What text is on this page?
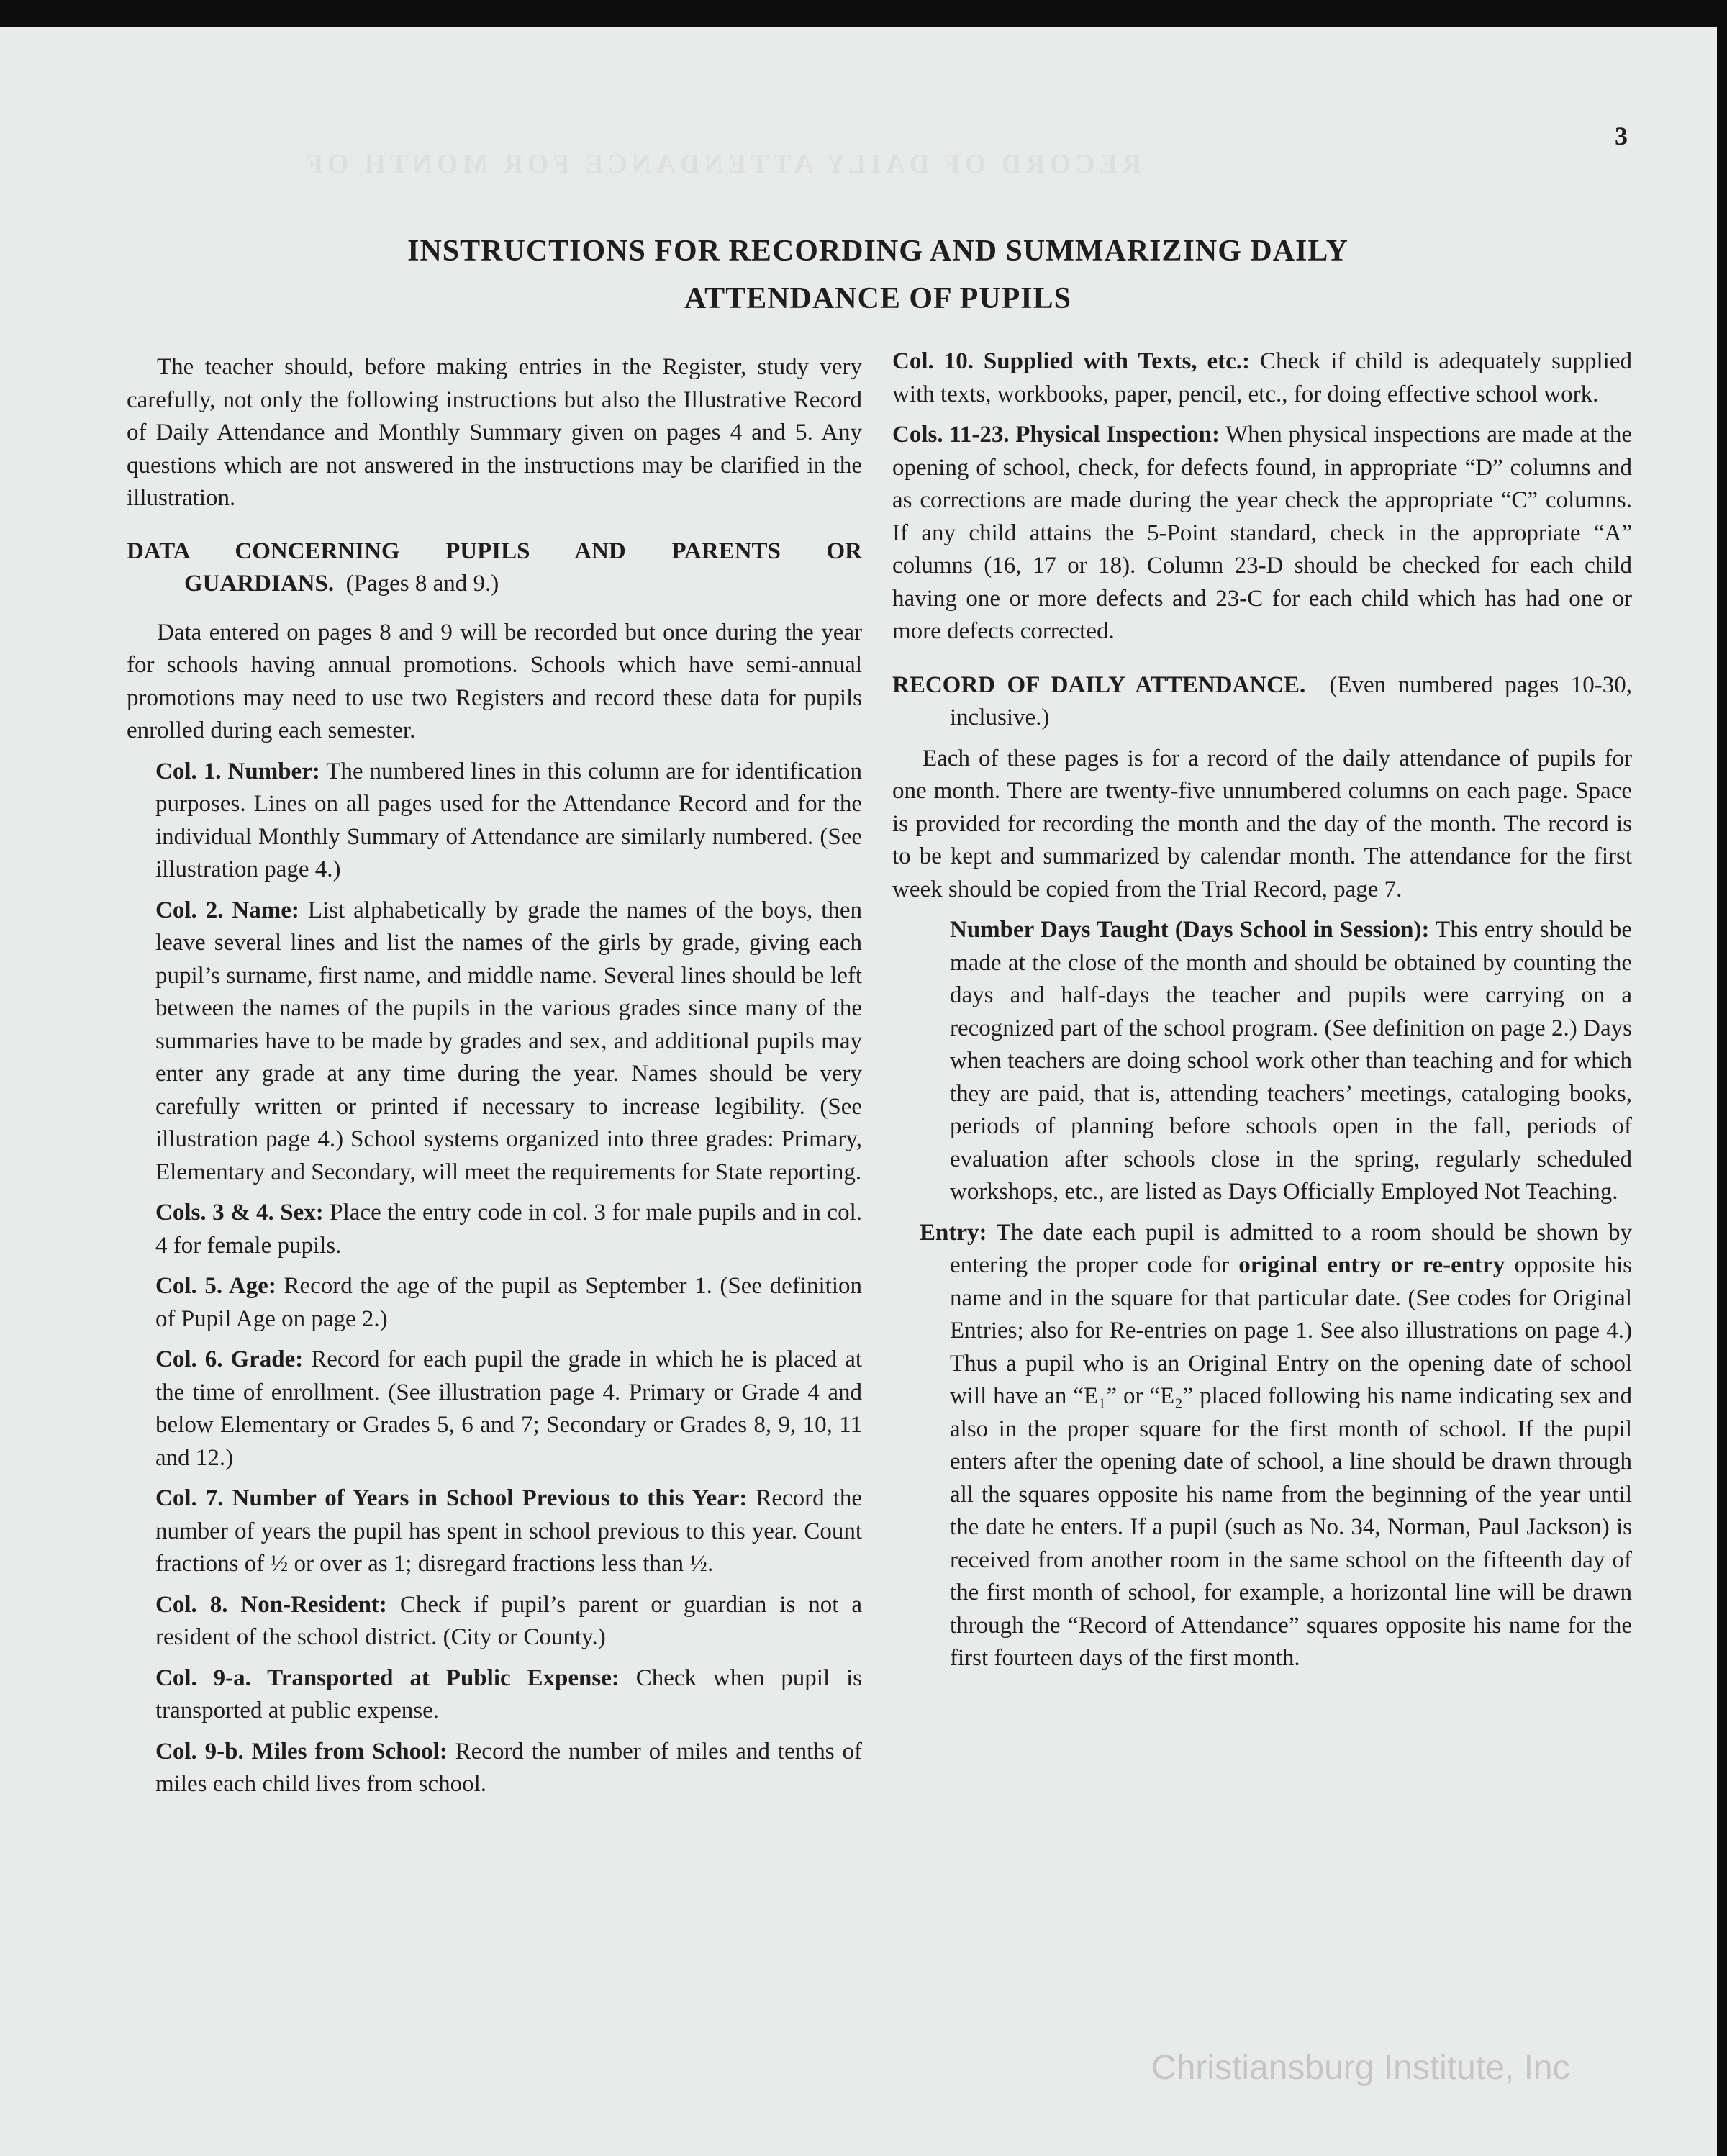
RECORD OF DAILY ATTENDANCE FOR MONTH OF
3
INSTRUCTIONS FOR RECORDING AND SUMMARIZING DAILY
ATTENDANCE OF PUPILS

The teacher should, before making entries in the Register, study very carefully, not only the following instructions but also the Illustrative Record of Daily Attendance and Monthly Summary given on pages 4 and 5. Any questions which are not answered in the instructions may be clarified in the illustration.

DATA CONCERNING PUPILS AND PARENTS OR GUARDIANS. (Pages 8 and 9.)

Data entered on pages 8 and 9 will be recorded but once during the year for schools having annual promotions. Schools which have semi-annual promotions may need to use two Registers and record these data for pupils enrolled during each semester.

Col. 1. Number: The numbered lines in this column are for identification purposes. Lines on all pages used for the Attendance Record and for the individual Monthly Summary of Attendance are similarly numbered. (See illustration page 4.)

Col. 2. Name: List alphabetically by grade the names of the boys, then leave several lines and list the names of the girls by grade, giving each pupil’s surname, first name, and middle name. Several lines should be left between the names of the pupils in the various grades since many of the summaries have to be made by grades and sex, and additional pupils may enter any grade at any time during the year. Names should be very carefully written or printed if necessary to increase legibility. (See illustration page 4.) School systems organized into three grades: Primary, Elementary and Secondary, will meet the requirements for State reporting.

Cols. 3 & 4. Sex: Place the entry code in col. 3 for male pupils and in col. 4 for female pupils.

Col. 5. Age: Record the age of the pupil as September 1. (See definition of Pupil Age on page 2.)

Col. 6. Grade: Record for each pupil the grade in which he is placed at the time of enrollment. (See illustration page 4. Primary or Grade 4 and below Elementary or Grades 5, 6 and 7; Secondary or Grades 8, 9, 10, 11 and 12.)

Col. 7. Number of Years in School Previous to this Year: Record the number of years the pupil has spent in school previous to this year. Count fractions of ½ or over as 1; disregard fractions less than ½.

Col. 8. Non-Resident: Check if pupil’s parent or guardian is not a resident of the school district. (City or County.)

Col. 9-a. Transported at Public Expense: Check when pupil is transported at public expense.

Col. 9-b. Miles from School: Record the number of miles and tenths of miles each child lives from school.

Col. 10. Supplied with Texts, etc.: Check if child is adequately supplied with texts, workbooks, paper, pencil, etc., for doing effective school work.

Cols. 11-23. Physical Inspection: When physical inspections are made at the opening of school, check, for defects found, in appropriate “D” columns and as corrections are made during the year check the appropriate “C” columns. If any child attains the 5-Point standard, check in the appropriate “A” columns (16, 17 or 18). Column 23-D should be checked for each child having one or more defects and 23-C for each child which has had one or more defects corrected.

RECORD OF DAILY ATTENDANCE. (Even numbered pages 10-30, inclusive.)

Each of these pages is for a record of the daily attendance of pupils for one month. There are twenty-five unnumbered columns on each page. Space is provided for recording the month and the day of the month. The record is to be kept and summarized by calendar month. The attendance for the first week should be copied from the Trial Record, page 7.

Number Days Taught (Days School in Session): This entry should be made at the close of the month and should be obtained by counting the days and half-days the teacher and pupils were carrying on a recognized part of the school program. (See definition on page 2.) Days when teachers are doing school work other than teaching and for which they are paid, that is, attending teachers’ meetings, cataloging books, periods of planning before schools open in the fall, periods of evaluation after schools close in the spring, regularly scheduled workshops, etc., are listed as Days Officially Employed Not Teaching.

Entry: The date each pupil is admitted to a room should be shown by entering the proper code for original entry or re-entry opposite his name and in the square for that particular date. (See codes for Original Entries; also for Re-entries on page 1. See also illustrations on page 4.) Thus a pupil who is an Original Entry on the opening date of school will have an “E₁” or “E₂” placed following his name indicating sex and also in the proper square for the first month of school. If the pupil enters after the opening date of school, a line should be drawn through all the squares opposite his name from the beginning of the year until the date he enters. If a pupil (such as No. 34, Norman, Paul Jackson) is received from another room in the same school on the fifteenth day of the first month of school, for example, a horizontal line will be drawn through the “Record of Attendance” squares opposite his name for the first fourteen days of the first month.

Christiansburg Institute, Inc
